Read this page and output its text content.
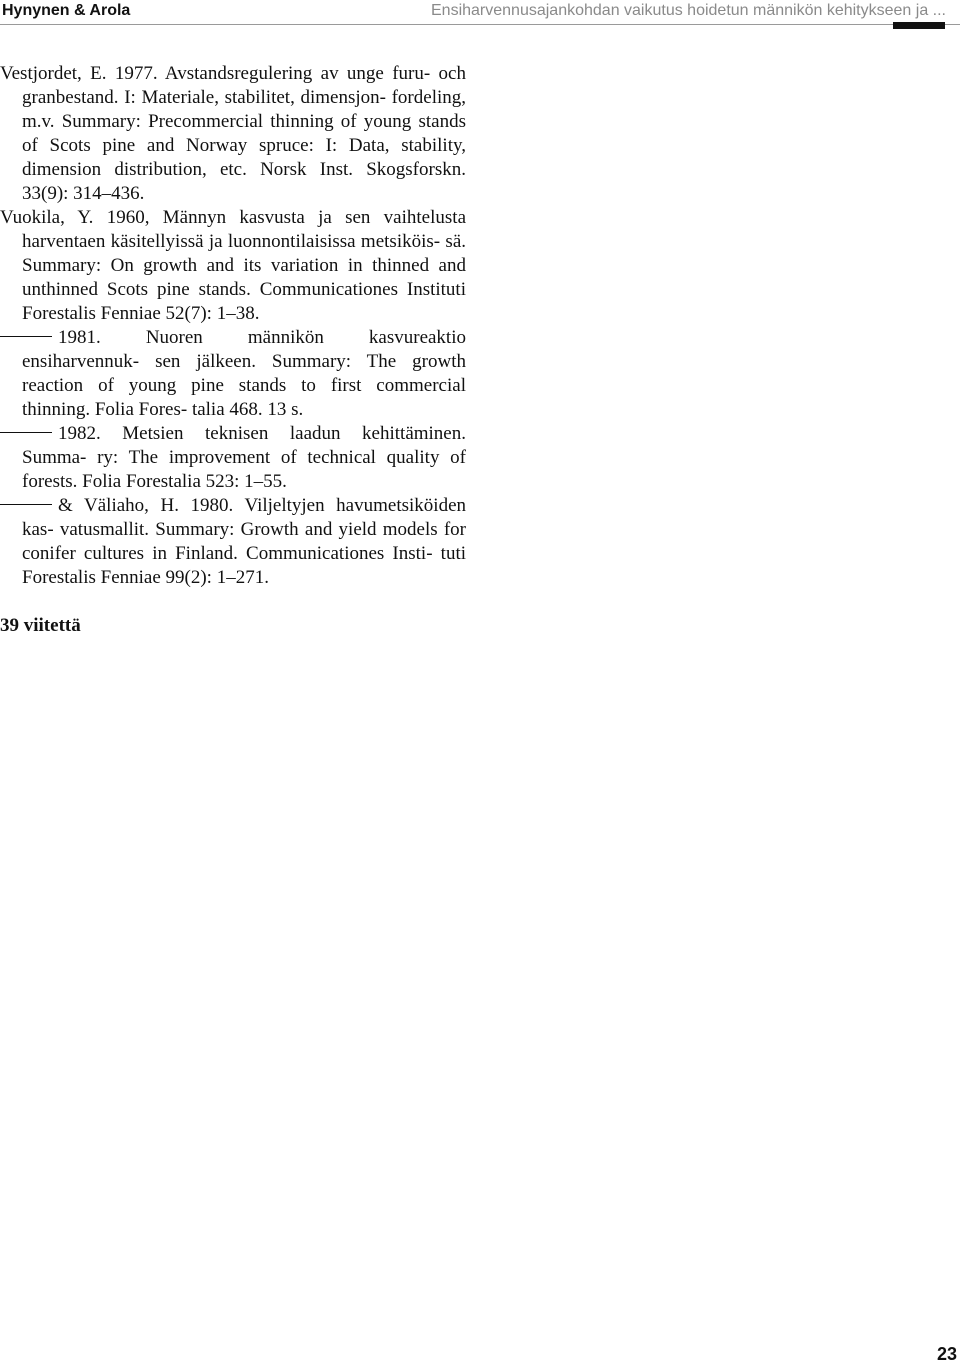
Hynynen & Arola	Ensiharvennusajankohdan vaikutus hoidetun männikön kehitykseen ja ...

Vestjordet, E. 1977. Avstandsregulering av unge furu- och granbestand. I: Materiale, stabilitet, dimensjon- fordeling, m.v. Summary: Precommercial thinning of young stands of Scots pine and Norway spruce: I: Data, stability, dimension distribution, etc. Norsk Inst. Skogsforskn. 33(9): 314–436.

Vuokila, Y. 1960, Männyn kasvusta ja sen vaihtelusta harventaen käsitellyissä ja luonnontilaisissa metsiköis- sä. Summary: On growth and its variation in thinned and unthinned Scots pine stands. Communicationes Instituti Forestalis Fenniae 52(7): 1–38.

1981. Nuoren männikön kasvureaktio ensiharvennuk- sen jälkeen. Summary: The growth reaction of young pine stands to first commercial thinning. Folia Fores- talia 468. 13 s.

1982. Metsien teknisen laadun kehittäminen. Summa- ry: The improvement of technical quality of forests. Folia Forestalia 523: 1–55.

& Väliaho, H. 1980. Viljeltyjen havumetsiköiden kas- vatusmallit. Summary: Growth and yield models for conifer cultures in Finland. Communicationes Insti- tuti Forestalis Fenniae 99(2): 1–271.

39 viitettä
23
